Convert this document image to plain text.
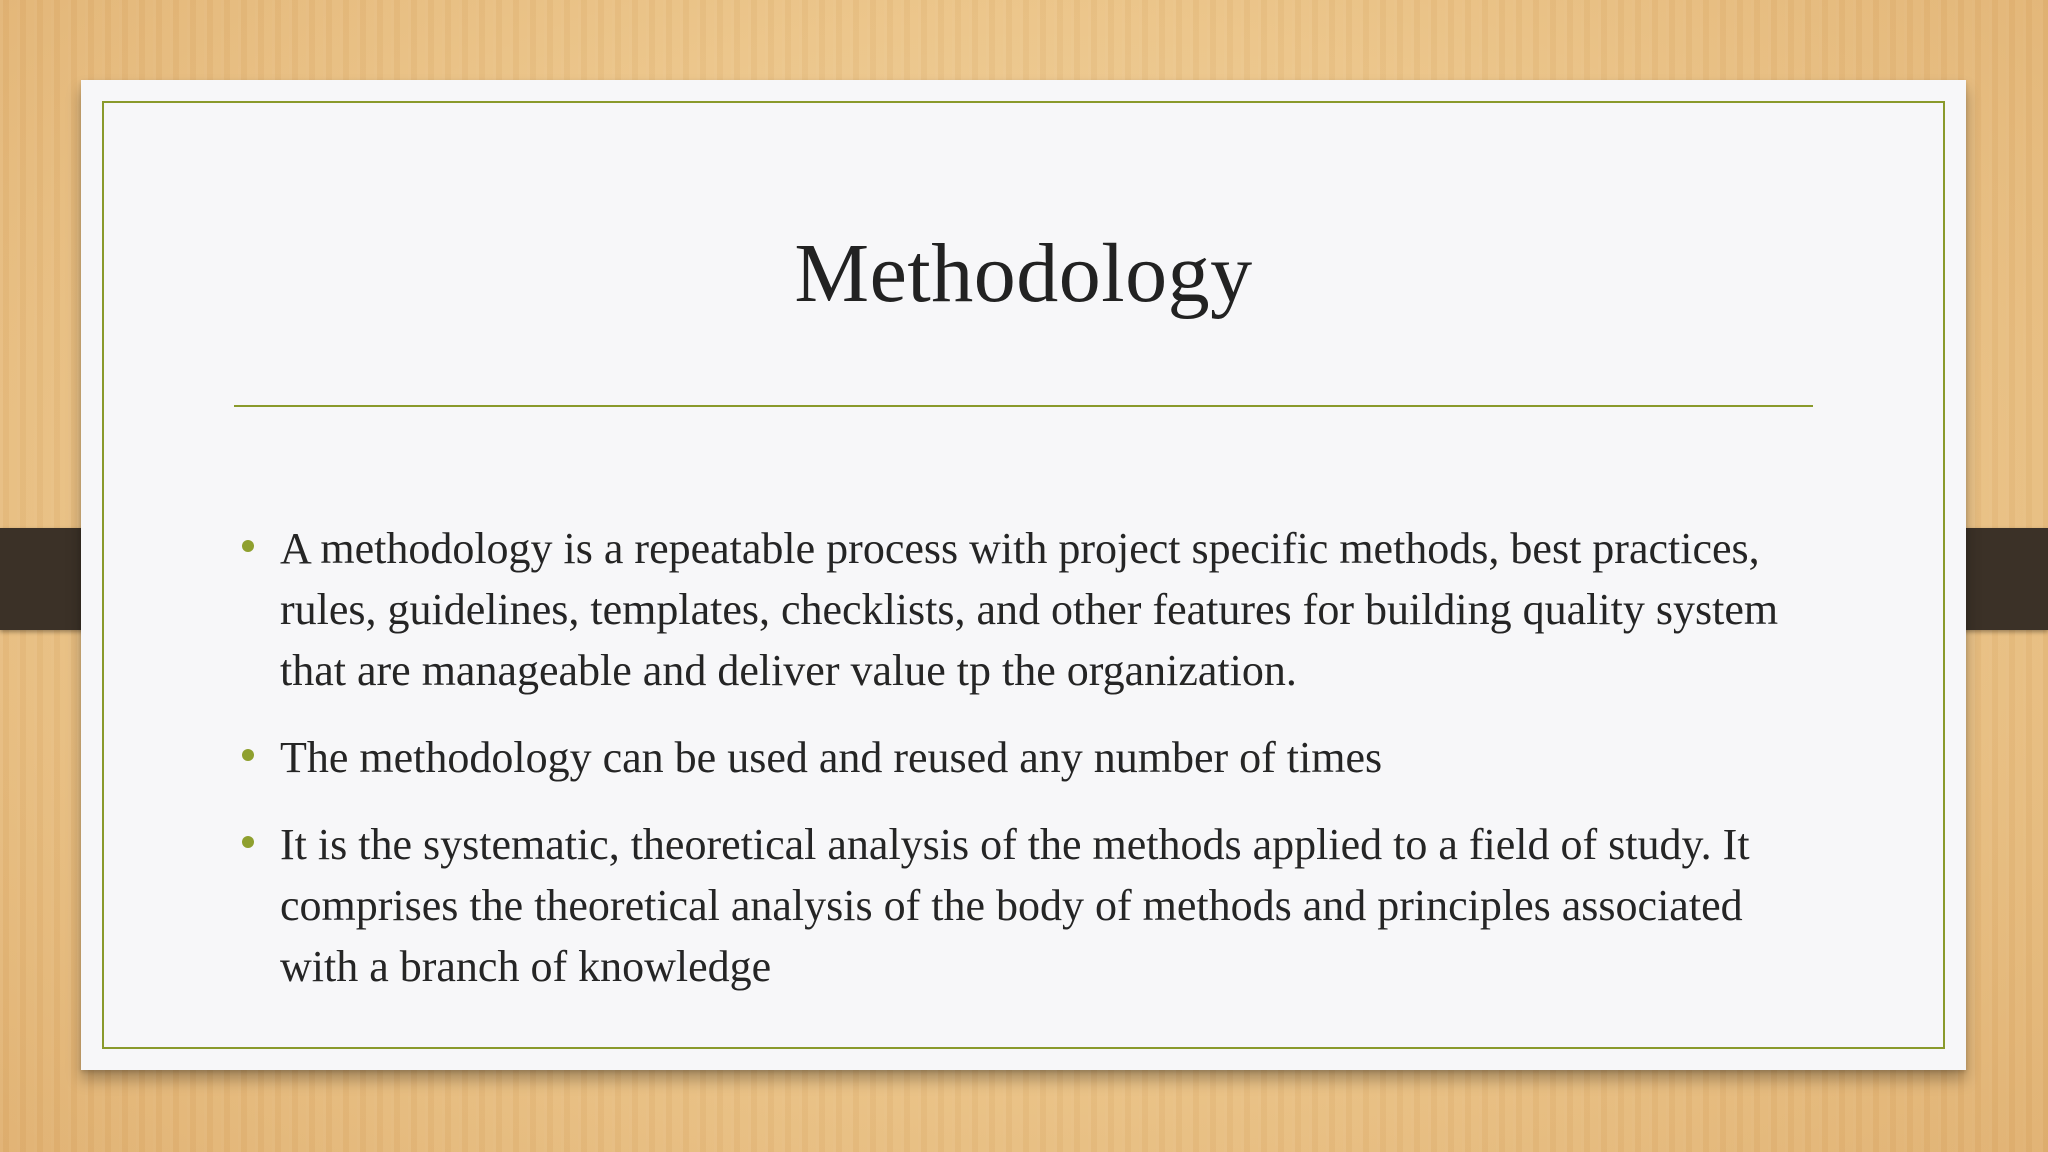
Methodology
A methodology is a repeatable process with project specific methods, best practices, rules, guidelines, templates, checklists, and other features for building quality system that are manageable and deliver value tp the organization.
The methodology can be used and reused any number of times
It is the systematic, theoretical analysis of the methods applied to a field of study. It comprises the theoretical analysis of the body of methods and principles associated with a branch of knowledge
